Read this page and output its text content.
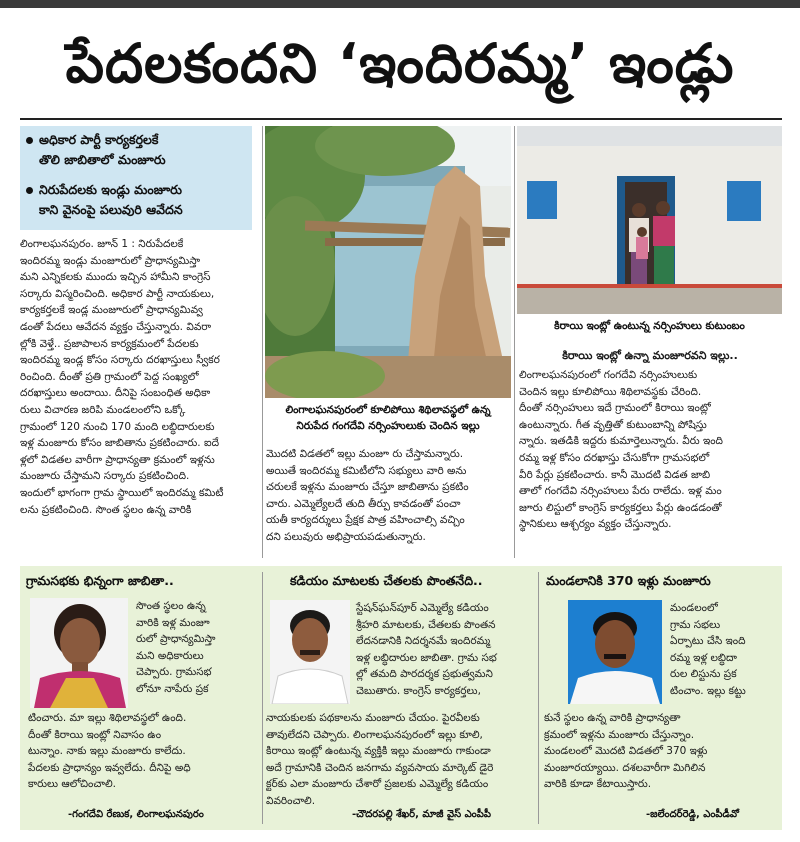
పేదలకందని ‘ఇందిరమ్మ’ ఇండ్లు
అధికార పార్టీ కార్యకర్తలకే
తొలి జాబితాలో మంజూరు
నిరుపేదలకు ఇండ్లు మంజూరు
కాని వైనంపై పలువురి ఆవేదన
లింగాలఘనపురం. జూన్ 1 : నిరుపేదలకే
ఇందిరమ్మ ఇండ్లు మంజూరులో ప్రాధాన్యమిస్తా
మని ఎన్నికలకు ముందు ఇచ్చిన హామీని కాంగ్రెస్
సర్కారు విస్మరించింది. అధికార పార్టీ నాయకులు,
కార్యకర్తలకే ఇండ్ల మంజూరులో ప్రాధాన్యమివ్వ
డంతో పేదలు ఆవేదన వ్యక్తం చేస్తున్నారు. వివరా
ల్లోకి వెళ్తే.. ప్రజాపాలన కార్యక్రమంలో పేదలకు
ఇందిరమ్మ ఇండ్ల కోసం సర్కారు దరఖాస్తులు స్వీకర
రించింది. దీంతో ప్రతి గ్రామంలో పెద్ద సంఖ్యలో
దరఖాస్తులు అందాయి. దీనిపై సంబంధిత అధికా
రులు విచారణ జరిపి మండలంలోని ఒక్కో
గ్రామంలో 120 నుంచి 170 మంది లబ్ధిదారులకు
ఇళ్ల మంజూరు కోసం జాబితాను ప్రకటించారు. ఐదే
ళ్లలో విడతల వారీగా ప్రాధాన్యతా క్రమంలో ఇళ్లను
మంజూరు చేస్తామని సర్కారు ప్రకటించింది.
ఇందులో భాగంగా గ్రామ స్థాయిలో ఇందిరమ్మ కమిటీ
లను ప్రకటించింది. సొంత స్థలం ఉన్న వారికి
లింగాలఘనపురంలో కూలిపోయి శిథిలావస్థలో ఉన్న
నిరుపేద గంగదేవి నర్సింహులుకు చెందిన ఇల్లు
కిరాయి ఇంట్లో ఉంటున్న నర్సింహులు కుటుంబం
కిరాయి ఇంట్లో ఉన్నా మంజూరవని ఇల్లు..
లింగాలఘనపురంలో గంగదేవి నర్సింహులుకు
చెందిన ఇల్లు కూలిపోయి శిథిలావస్థకు చేరింది.
దీంతో నర్సింహులు ఇదే గ్రామంలో కిరాయి ఇంట్లో
ఉంటున్నారు. గీత వృత్తితో కుటుంబాన్ని పోషిస్తు
న్నారు. ఇతడికి ఇద్దరు కుమార్తెలున్నారు. వీరు ఇంది
రమ్మ ఇళ్ల కోసం దరఖాస్తు చేసుకోగా గ్రామసభలో
వీరి పేర్లు ప్రకటించారు. కానీ మొదటి విడత జాబి
తాలో గంగదేవి నర్సింహులు పేరు రాలేదు. ఇళ్ల మం
జూరు లిస్టులో కాంగ్రెస్ కార్యకర్తలు పేర్లు ఉండడంతో
స్థానికులు ఆశ్చర్యం వ్యక్తం చేస్తున్నారు.
మొదటి విడతలో ఇల్లు మంజూ రు చేస్తామన్నారు.
అయితే ఇందిరమ్మ కమిటీలోని సభ్యులు వారి అను
చరులకే ఇళ్లను మంజూరు చేస్తూ జాబితాను ప్రకటిం
చారు. ఎమ్మెల్యేలదే తుది తీర్పు కావడంతో పంచా
యతీ కార్యదర్శులు ప్రేక్షక పాత్ర వహించాల్సి వచ్చిం
దని పలువురు అభిప్రాయపడుతున్నారు.
గ్రామసభకు భిన్నంగా జాబితా..
సొంత స్థలం ఉన్న
వారికి ఇళ్ల మంజూ
రులో ప్రాధాన్యమిస్తా
మని అధికారులు
చెప్పారు. గ్రామసభ
లోనూ నాపేరు ప్రక
టించారు. మా ఇల్లు శిథిలావస్థలో ఉంది.
దీంతో కిరాయి ఇంట్లో నివాసం ఉం
టున్నాం. నాకు ఇల్లు మంజూరు కాలేదు.
పేదలకు ప్రాధాన్యం ఇవ్వలేదు. దీనిపై అధి
కారులు ఆలోచించాలి.
-గంగదేవి రేణుక, లింగాలఘనపురం
కడియం మాటలకు చేతలకు పొంతనేది..
స్టేషన్‌ఘన్‌పూర్ ఎమ్మెల్యే కడియం
శ్రీహరి మాటలకు, చేతలకు పొంతన
లేదనడానికి నిదర్శనమే ఇందిరమ్మ
ఇళ్ల లబ్ధిదారుల జాబితా. గ్రామ సభ
ల్లో తమది పారదర్శక ప్రభుత్వమని
చెబుతారు. కాంగ్రెస్ కార్యకర్తలు,
నాయకులకు పథకాలను మంజూరు చేయం. పైరవీలకు
తావులేదని చెప్పారు. లింగాలఘనపురంలో ఇల్లు కూలి,
కిరాయి ఇంట్లో ఉంటున్న వ్యక్తికి ఇల్లు మంజూరు గాకుండా
అదే గ్రామానికి చెందిన జనగామ వ్యవసాయ మార్కెట్ డైరె
క్టర్‌కు ఎలా మంజూరు చేశారో ప్రజలకు ఎమ్మెల్యే కడియం
వివరించాలి.
-చౌదరపల్లి శేఖర్, మాజీ వైస్ ఎంపీపీ
మండలానికి 370 ఇళ్లు మంజూరు
మండలంలో
గ్రామ సభలు
ఏర్పాటు చేసి ఇంది
రమ్మ ఇళ్ల లబ్ధిదా
రుల లిస్టును ప్రక
టించాం. ఇల్లు కట్టు
కునే స్థలం ఉన్న వారికి ప్రాధాన్యతా
క్రమంలో ఇళ్లను మంజూరు చేస్తున్నాం.
మండలంలో మొదటి విడతలో 370 ఇళ్లు
మంజూరయ్యాయి. దశలవారీగా మిగిలిన
వారికి కూడా కేటాయిస్తారు.
-జలేందర్‌రెడ్డి, ఎంపీడీవో
